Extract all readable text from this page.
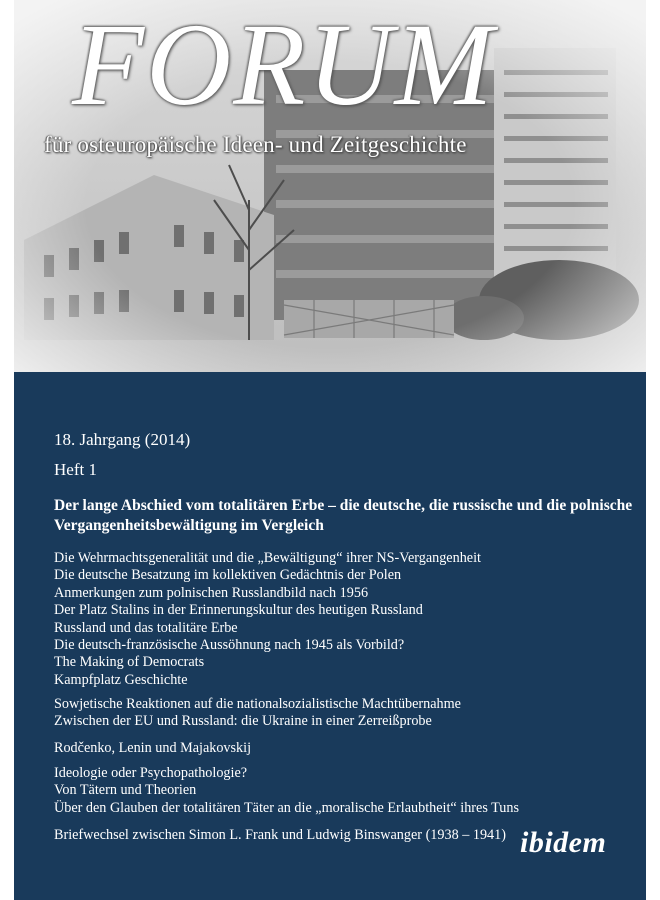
FORUM
für osteuropäische Ideen- und Zeitgeschichte
18. Jahrgang (2014)
Heft 1
Der lange Abschied vom totalitären Erbe – die deutsche, die russische und die polnische
Vergangenheitsbewältigung im Vergleich
Die Wehrmachtsgeneralität und die „Bewältigung“ ihrer NS-Vergangenheit
Die deutsche Besatzung im kollektiven Gedächtnis der Polen
Anmerkungen zum polnischen Russlandbild nach 1956
Der Platz Stalins in der Erinnerungskultur des heutigen Russland
Russland und das totalitäre Erbe
Die deutsch-französische Aussöhnung nach 1945 als Vorbild?
The Making of Democrats
Kampfplatz Geschichte
Sowjetische Reaktionen auf die nationalsozialistische Machtübernahme
Zwischen der EU und Russland: die Ukraine in einer Zerreißprobe
Rodčenko, Lenin und Majakovskij
Ideologie oder Psychopathologie?
Von Tätern und Theorien
Über den Glauben der totalitären Täter an die „moralische Erlaubtheit“ ihres Tuns
Briefwechsel zwischen Simon L. Frank und Ludwig Binswanger (1938 – 1941) ibidem
